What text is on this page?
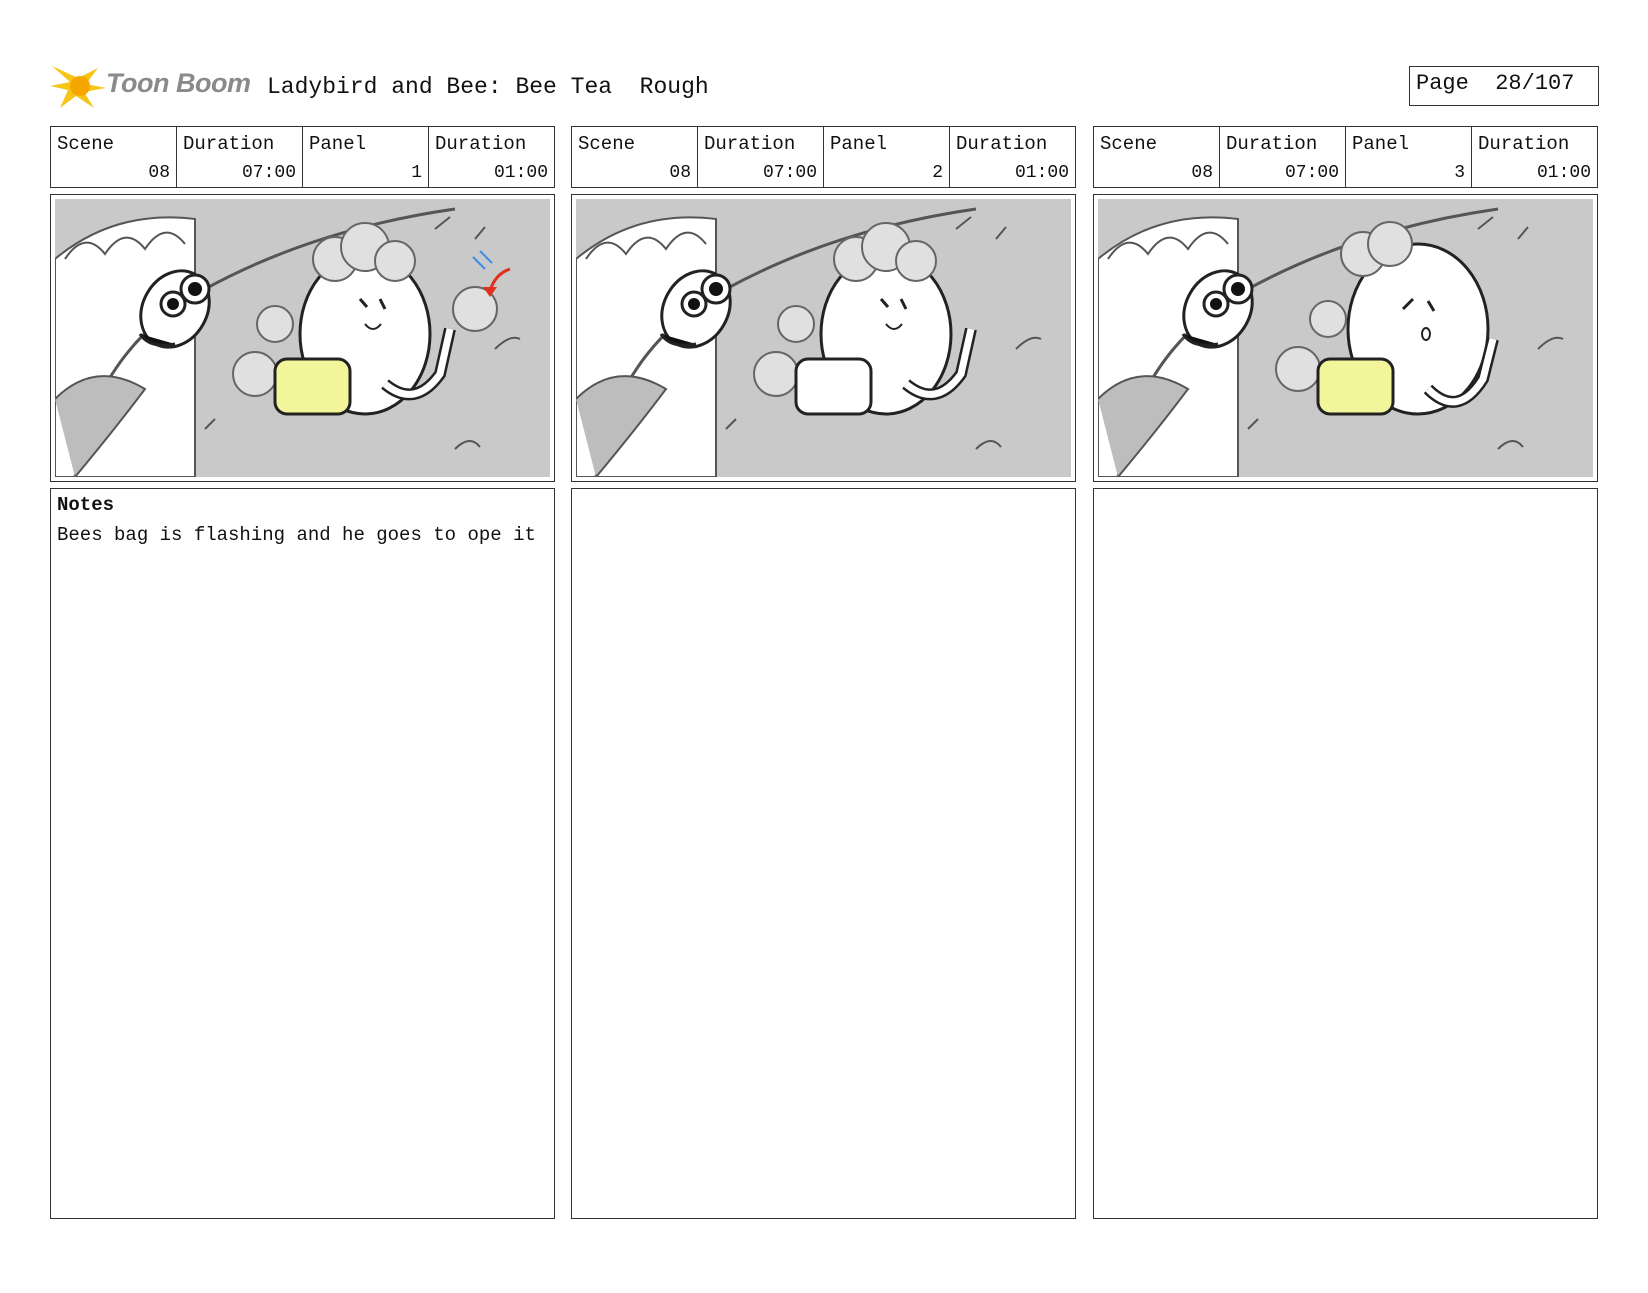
Toon Boom Ladybird and Bee: Bee Tea  Rough	Page 28/107
Scene
08
Duration
07:00
Panel
1
Duration
01:00
Notes
Bees bag is flashing and he goes to ope it
Scene
08
Duration
07:00
Panel
2
Duration
01:00
Scene
08
Duration
07:00
Panel
3
Duration
01:00
